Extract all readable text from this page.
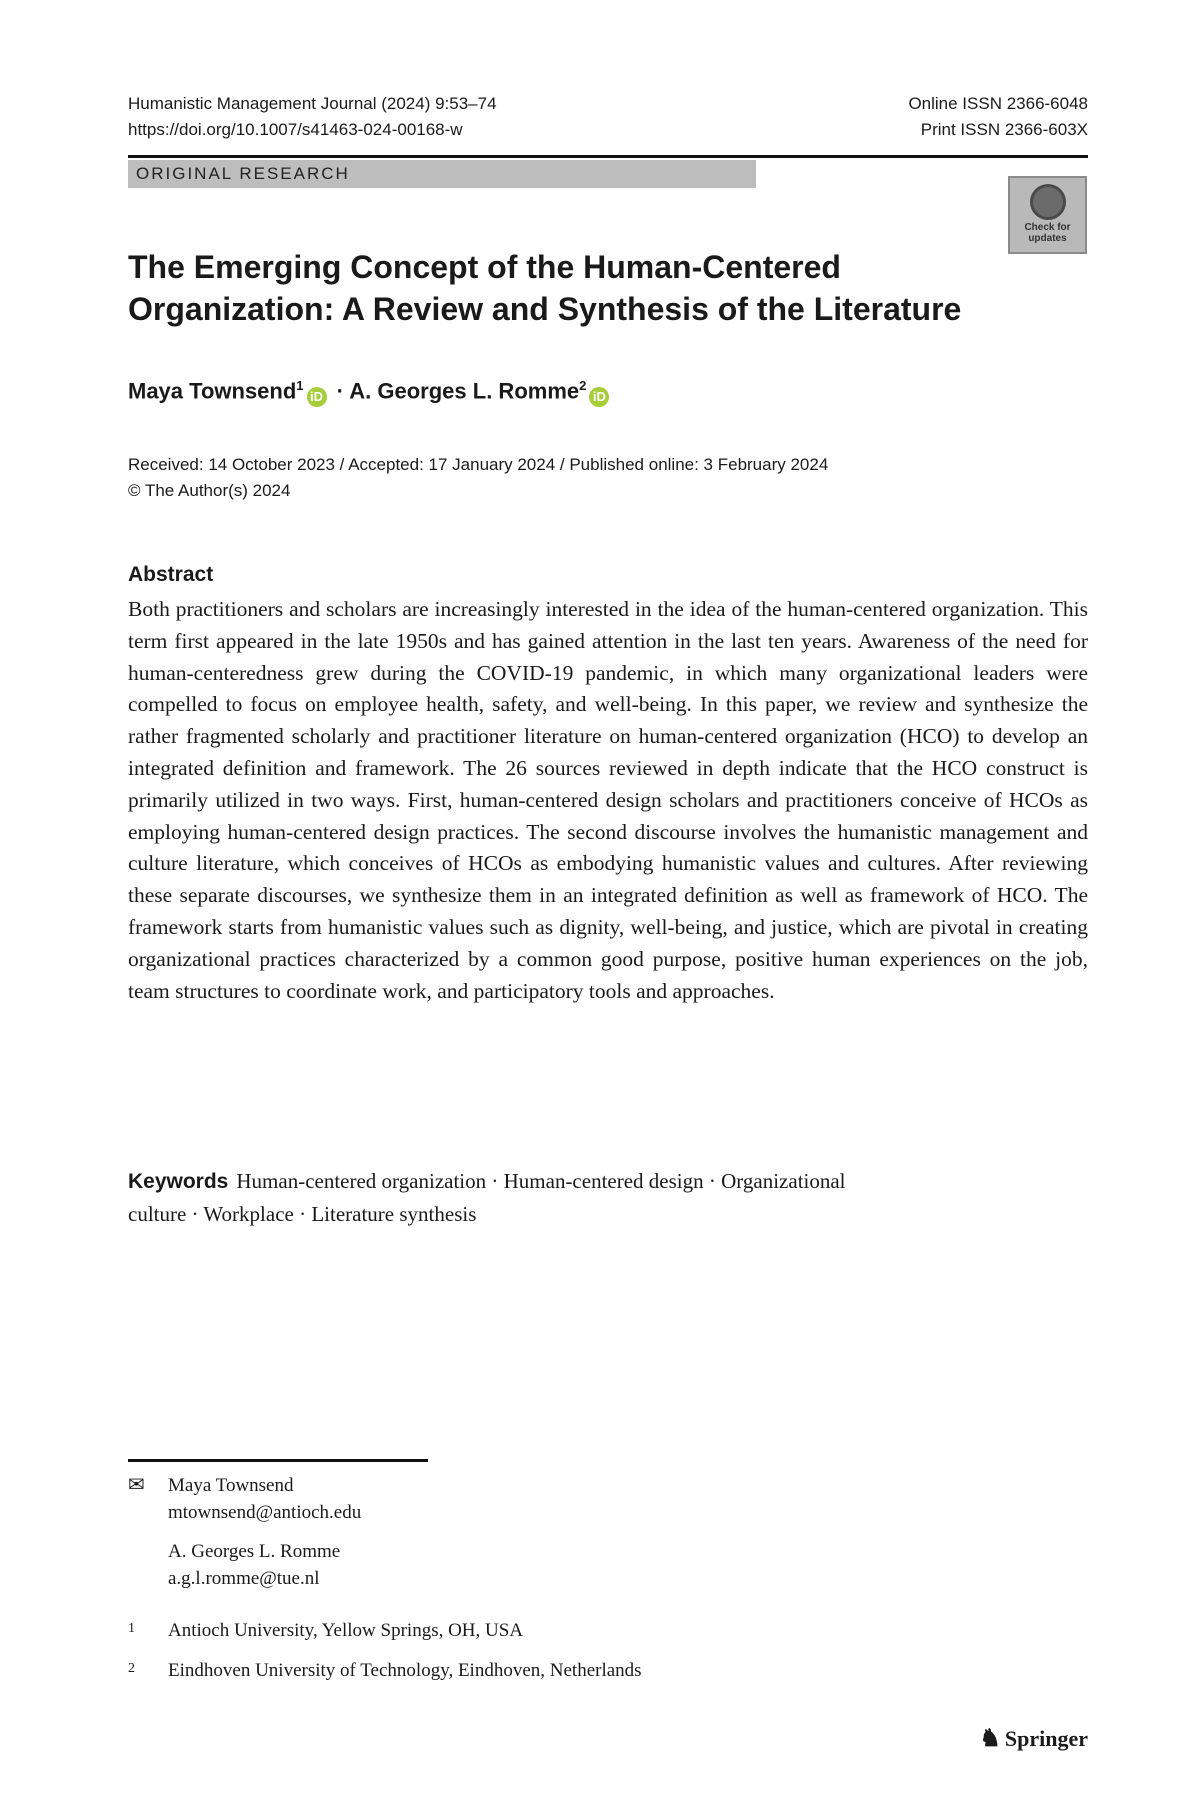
Humanistic Management Journal (2024) 9:53–74
https://doi.org/10.1007/s41463-024-00168-w
Online ISSN 2366-6048
Print ISSN 2366-603X
ORIGINAL RESEARCH
Check for updates
The Emerging Concept of the Human-Centered Organization: A Review and Synthesis of the Literature
Maya Townsend$^1$iD · A. Georges L. Romme$^2$iD
Received: 14 October 2023 / Accepted: 17 January 2024 / Published online: 3 February 2024
© The Author(s) 2024
Abstract

Both practitioners and scholars are increasingly interested in the idea of the human-centered organization. This term first appeared in the late 1950s and has gained attention in the last ten years. Awareness of the need for human-centeredness grew during the COVID-19 pandemic, in which many organizational leaders were compelled to focus on employee health, safety, and well-being. In this paper, we review and synthesize the rather fragmented scholarly and practitioner literature on human-centered organization (HCO) to develop an integrated definition and framework. The 26 sources reviewed in depth indicate that the HCO construct is primarily utilized in two ways. First, human-centered design scholars and practitioners conceive of HCOs as employing human-centered design practices. The second discourse involves the humanistic management and culture literature, which conceives of HCOs as embodying humanistic values and cultures. After reviewing these separate discourses, we synthesize them in an integrated definition as well as framework of HCO. The framework starts from humanistic values such as dignity, well-being, and justice, which are pivotal in creating organizational practices characterized by a common good purpose, positive human experiences on the job, team structures to coordinate work, and participatory tools and approaches.

Keywords Human-centered organization · Human-centered design · Organizational culture · Workplace · Literature synthesis
✉ Maya Townsend
mtownsend@antioch.edu
A. Georges L. Romme
a.g.l.romme@tue.nl
1 Antioch University, Yellow Springs, OH, USA
2 Eindhoven University of Technology, Eindhoven, Netherlands
♞ Springer
